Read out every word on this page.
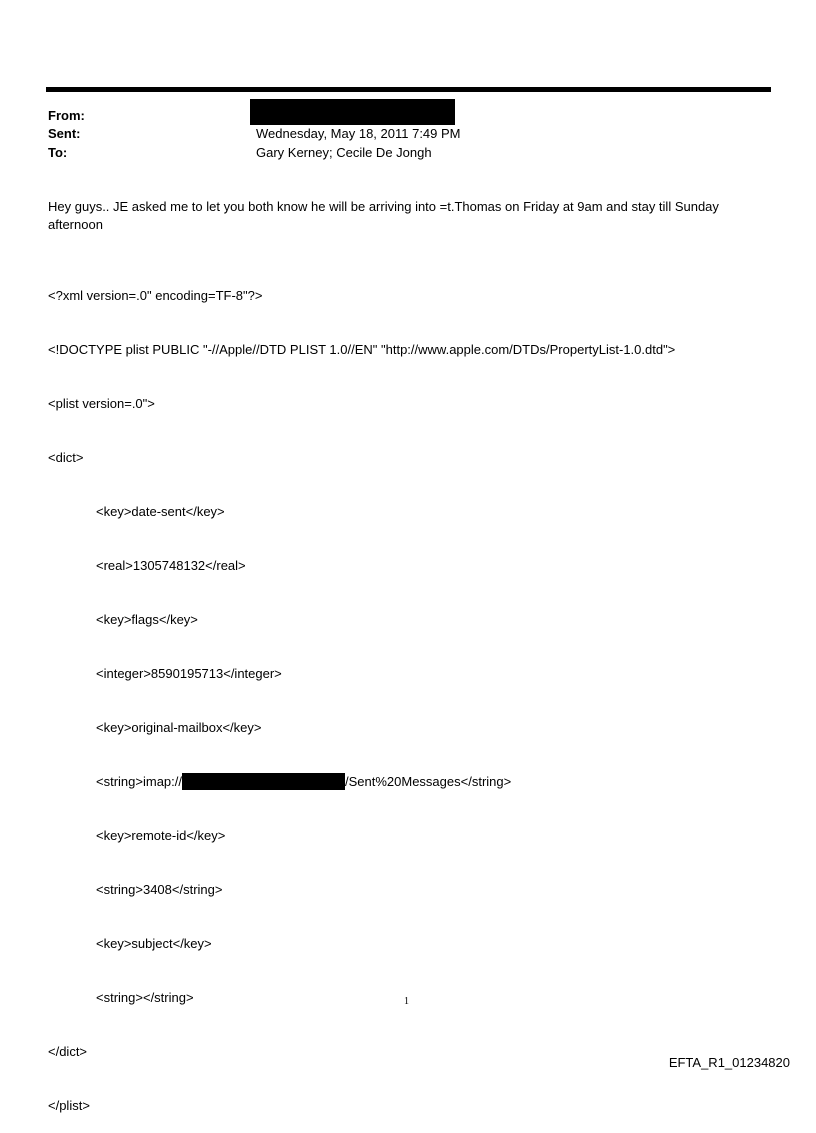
From:
Sent:	Wednesday, May 18, 2011 7:49 PM
To:	Gary Kerney; Cecile De Jongh
Hey guys.. JE asked me to let you both know he will be arriving into =t.Thomas on Friday at 9am and stay till Sunday
afternoon

<?xml version=.0" encoding=TF-8"?>

<!DOCTYPE plist PUBLIC "-//Apple//DTD PLIST 1.0//EN" "http://www.apple.com/DTDs/PropertyList-1.0.dtd">

<plist version=.0">

<dict>

<key>date-sent</key>

<real>1305748132</real>

<key>flags</key>

<integer>8590195713</integer>

<key>original-mailbox</key>

<string>imap://	/Sent%20Messages</string>

<key>remote-id</key>

<string>3408</string>

<key>subject</key>

<string></string>

</dict>

</plist>

1
EFTA_R1_01234820
